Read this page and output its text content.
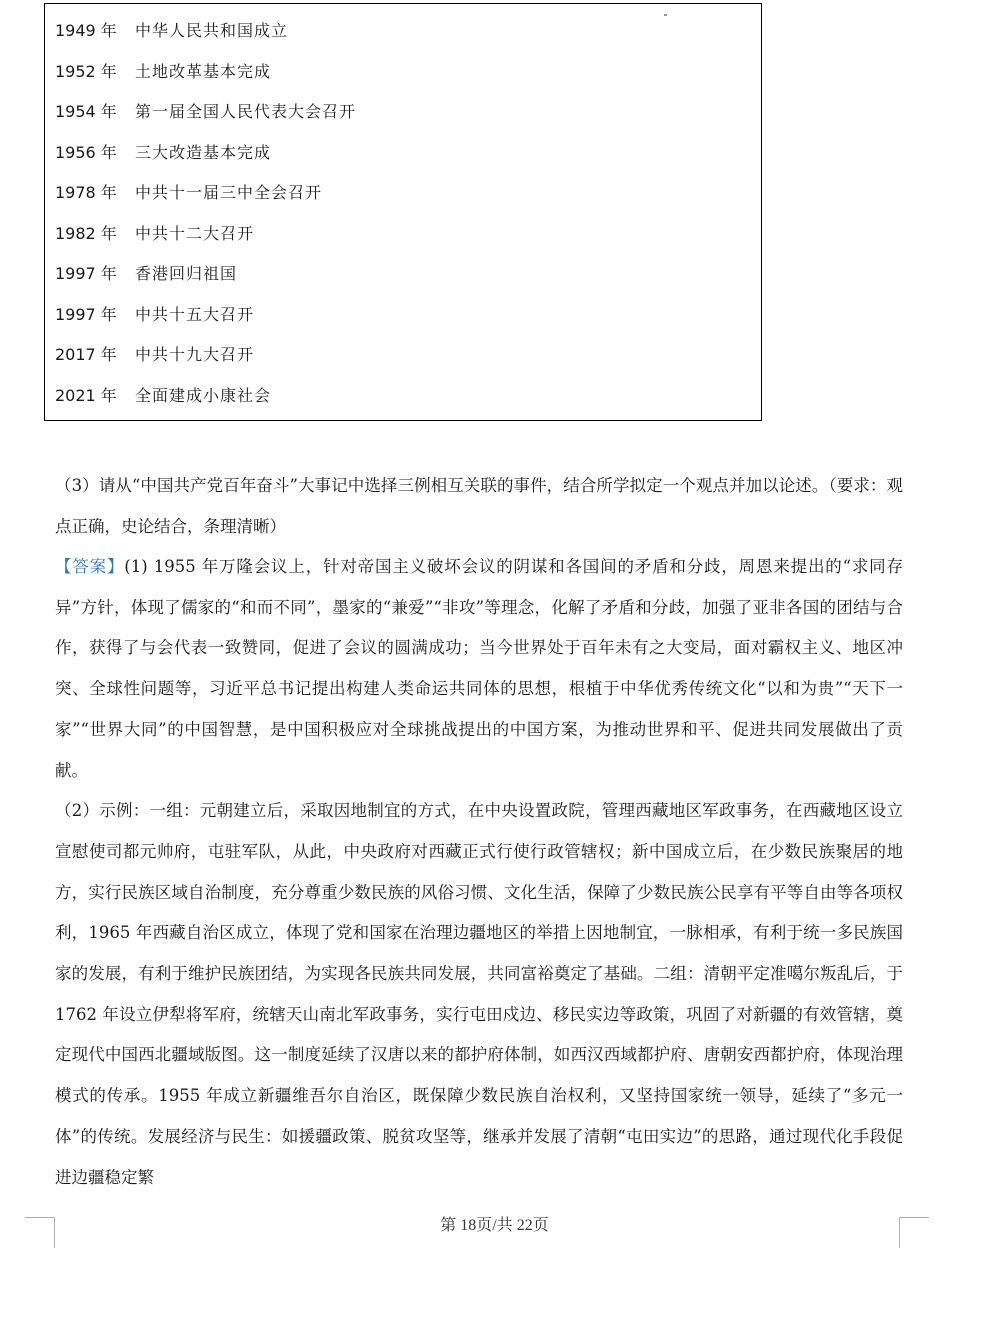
1949 年 中华人民共和国成立
1952 年 土地改革基本完成
1954 年 第一届全国人民代表大会召开
1956 年 三大改造基本完成
1978 年 中共十一届三中全会召开
1982 年 中共十二大召开
1997 年 香港回归祖国
1997 年 中共十五大召开
2017 年 中共十九大召开
2021 年 全面建成小康社会
（3）请从“中国共产党百年奋斗”大事记中选择三例相互关联的事件，结合所学拟定一个观点并加以论述。（要求：观点正确，史论结合，条理清晰）

【答案】(1) 1955 年万隆会议上，针对帝国主义破坏会议的阴谋和各国间的矛盾和分歧，周恩来提出的“求同存异”方针，体现了儒家的“和而不同”，墨家的“兼爱”“非攻”等理念，化解了矛盾和分歧，加强了亚非各国的团结与合作，获得了与会代表一致赞同，促进了会议的圆满成功；当今世界处于百年未有之大变局，面对霸权主义、地区冲突、全球性问题等，习近平总书记提出构建人类命运共同体的思想，根植于中华优秀传统文化“以和为贵”“天下一家”“世界大同”的中国智慧，是中国积极应对全球挑战提出的中国方案，为推动世界和平、促进共同发展做出了贡献。

（2）示例：一组：元朝建立后，采取因地制宜的方式，在中央设置政院，管理西藏地区军政事务，在西藏地区设立宣慰使司都元帅府，屯驻军队，从此，中央政府对西藏正式行使行政管辖权；新中国成立后，在少数民族聚居的地方，实行民族区域自治制度，充分尊重少数民族的风俗习惯、文化生活，保障了少数民族公民享有平等自由等各项权利，1965 年西藏自治区成立，体现了党和国家在治理边疆地区的举措上因地制宜，一脉相承，有利于统一多民族国家的发展，有利于维护民族团结，为实现各民族共同发展，共同富裕奠定了基础。二组：清朝平定准噶尔叛乱后，于 1762 年设立伊犁将军府，统辖天山南北军政事务，实行屯田戍边、移民实边等政策，巩固了对新疆的有效管辖，奠定现代中国西北疆域版图。这一制度延续了汉唐以来的都护府体制，如西汉西域都护府、唐朝安西都护府，体现治理模式的传承。1955 年成立新疆维吾尔自治区，既保障少数民族自治权利，又坚持国家统一领导，延续了“多元一体”的传统。发展经济与民生：如援疆政策、脱贫攻坚等，继承并发展了清朝“屯田实边”的思路，通过现代化手段促进边疆稳定繁

第 18页/共 22页
